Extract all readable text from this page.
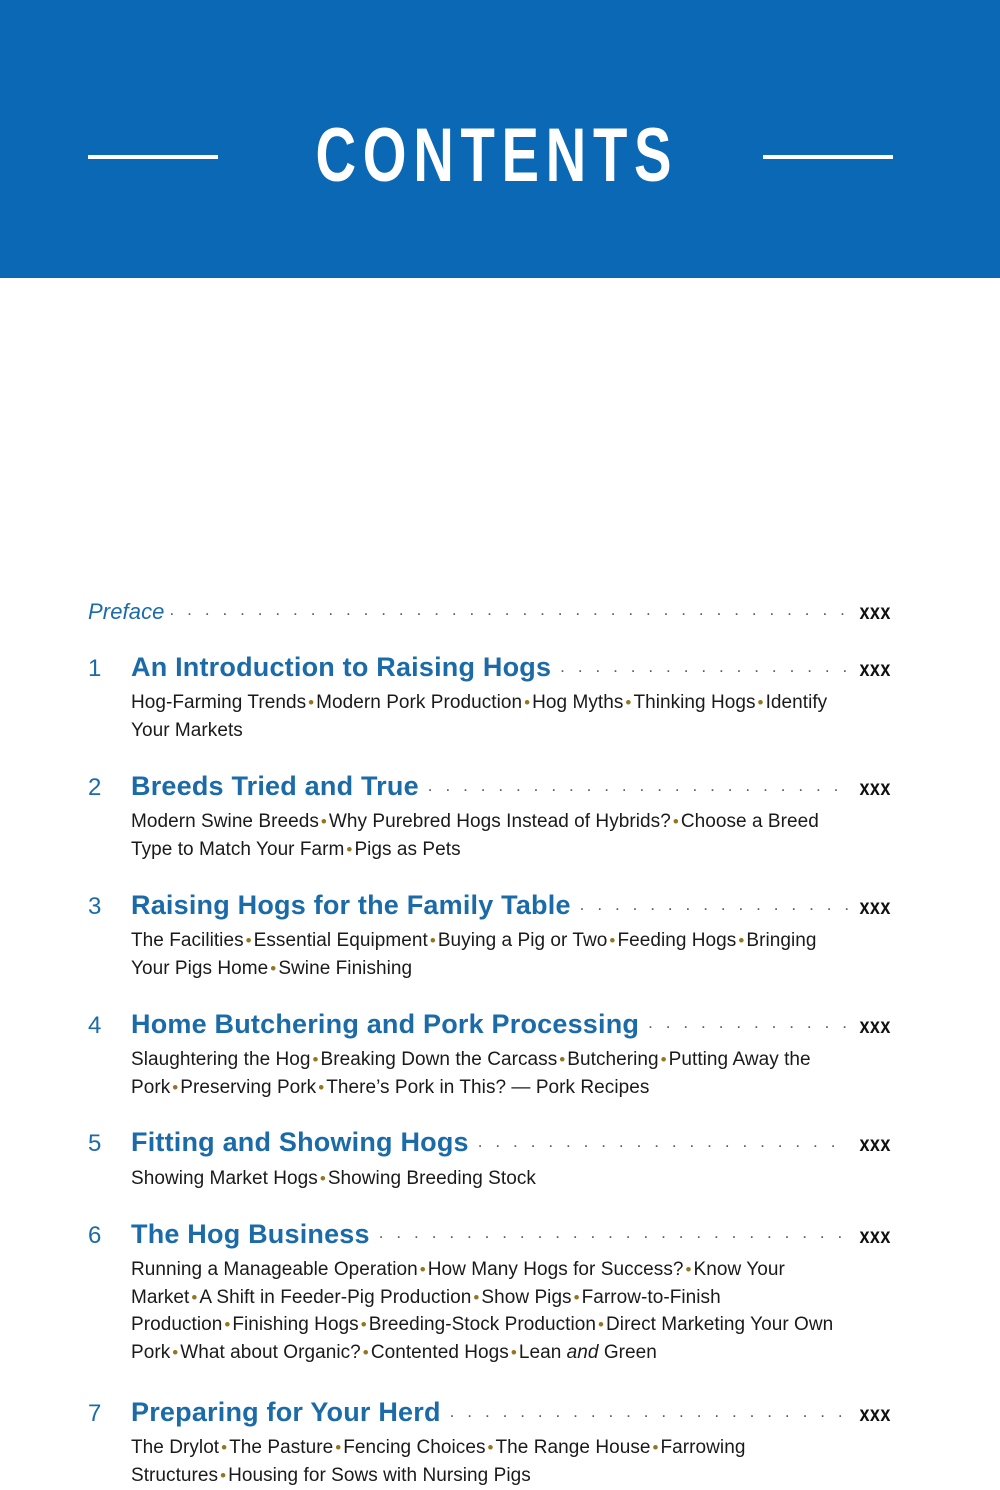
CONTENTS
Preface . . .	xxx
1	An Introduction to Raising Hogs . . .	xxx
Hog-Farming Trends • Modern Pork Production • Hog Myths • Thinking Hogs • Identify Your Markets
2	Breeds Tried and True . . .	xxx
Modern Swine Breeds • Why Purebred Hogs Instead of Hybrids? • Choose a Breed Type to Match Your Farm • Pigs as Pets
3	Raising Hogs for the Family Table . . .	xxx
The Facilities • Essential Equipment • Buying a Pig or Two • Feeding Hogs • Bringing Your Pigs Home • Swine Finishing
4	Home Butchering and Pork Processing . . .	xxx
Slaughtering the Hog • Breaking Down the Carcass • Butchering • Putting Away the Pork • Preserving Pork • There’s Pork in This? — Pork Recipes
5	Fitting and Showing Hogs . . .	xxx
Showing Market Hogs • Showing Breeding Stock
6	The Hog Business . . .	xxx
Running a Manageable Operation • How Many Hogs for Success? • Know Your Market • A Shift in Feeder-Pig Production • Show Pigs • Farrow-to-Finish Production • Finishing Hogs • Breeding-Stock Production • Direct Marketing Your Own Pork • What about Organic? • Contented Hogs • Lean and Green
7	Preparing for Your Herd . . .	xxx
The Drylot • The Pasture • Fencing Choices • The Range House • Farrowing Structures • Housing for Sows with Nursing Pigs
